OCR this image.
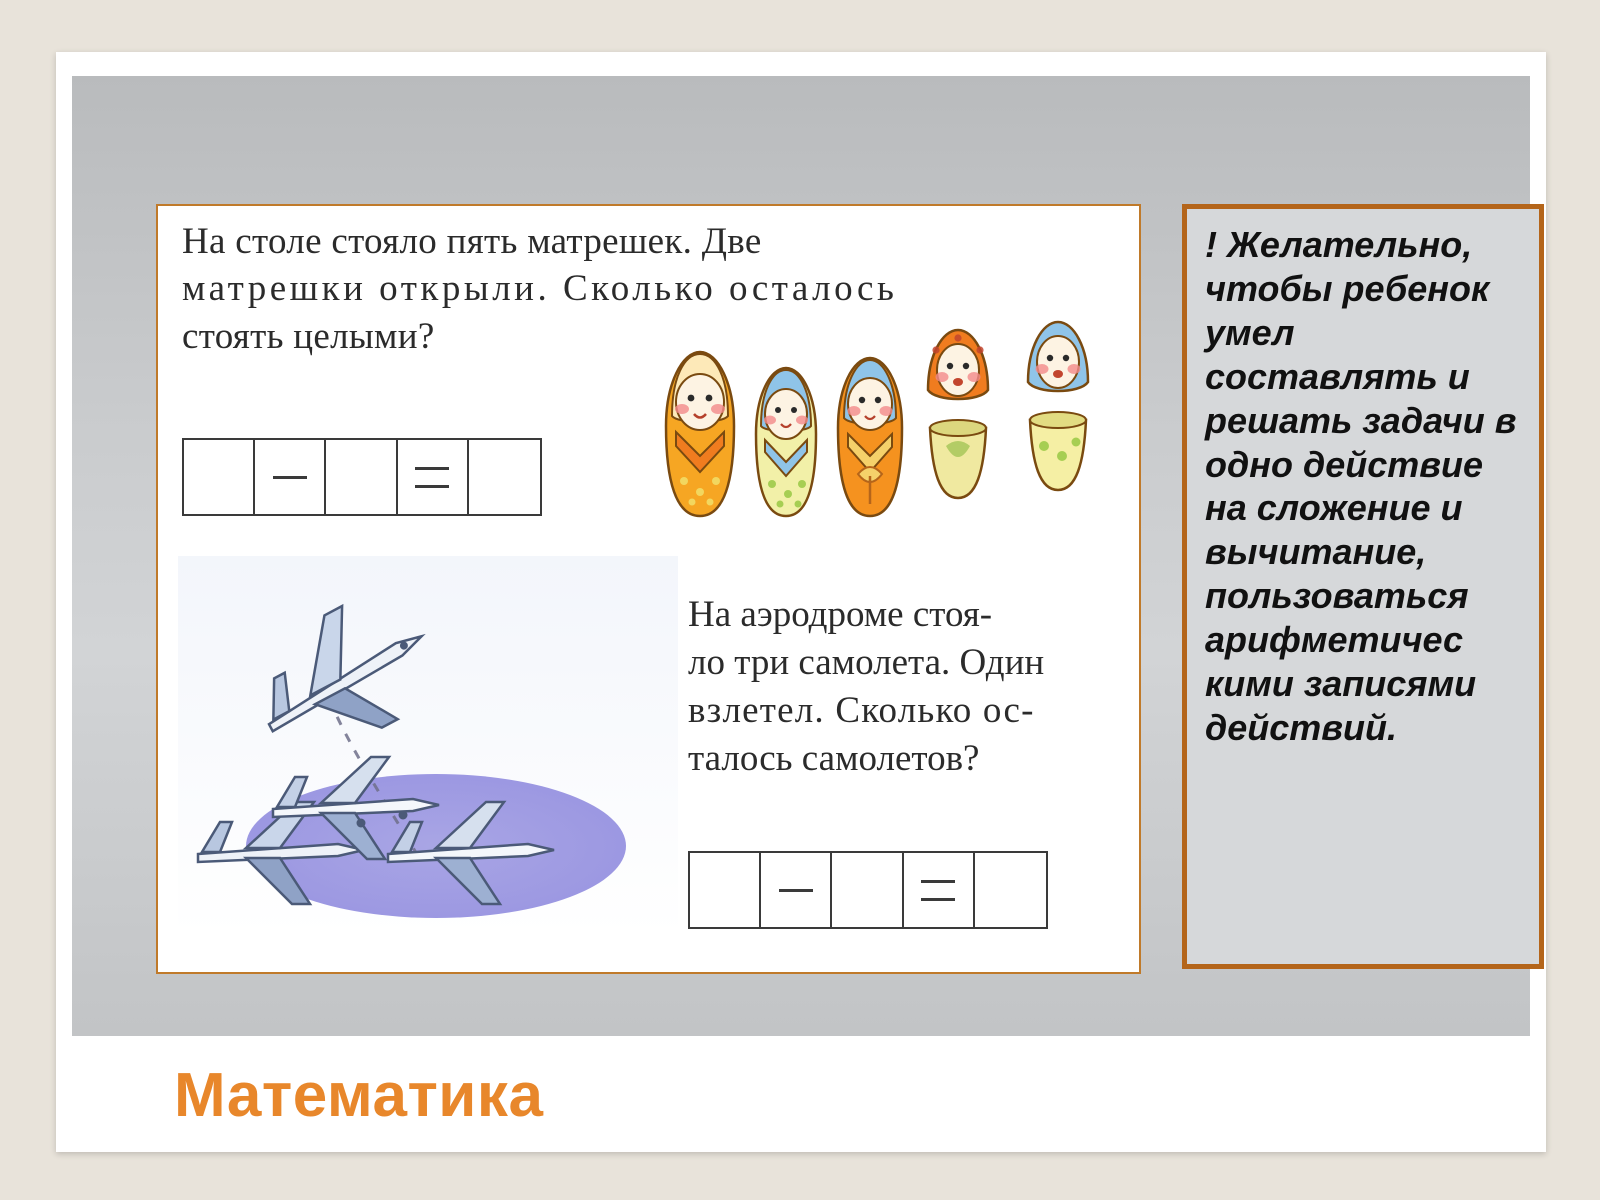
На столе стояло пять матрешек. Две
матрешки открыли. Сколько осталось
стоять целыми?
На аэродроме стоя-
ло три самолета. Один
взлетел. Сколько ос-
талось самолетов?
! Желательно, чтобы ребенок умел составлять и решать задачи в одно действие на сложение и вычитание, пользоваться арифметичес кими записями действий.
Математика
